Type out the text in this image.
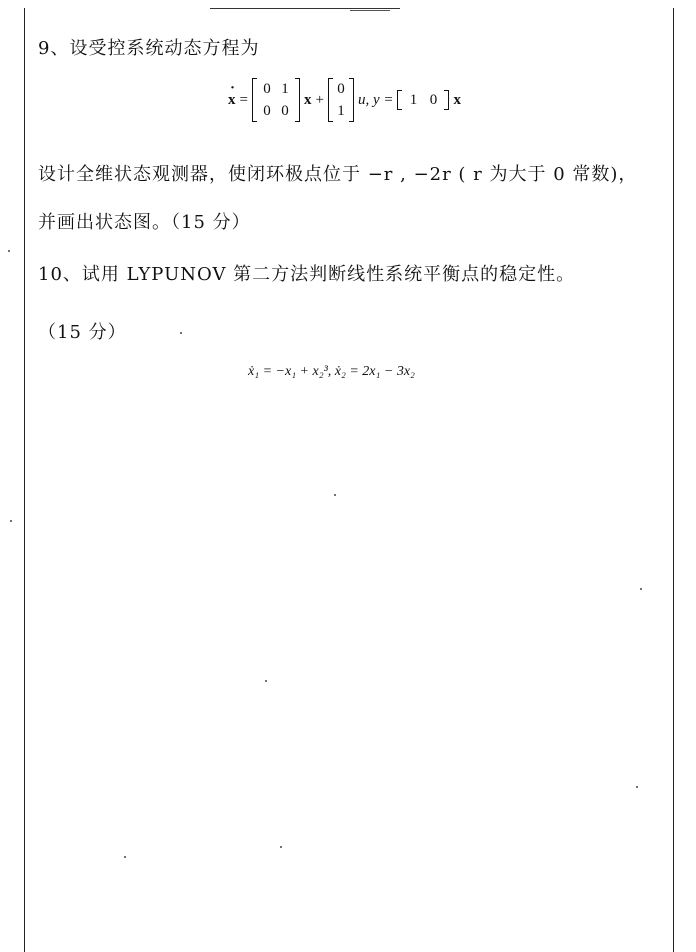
9、设受控系统动态方程为
· x =
0 1
0 0
x +
0
1
u, y = 1 0 x
设计全维状态观测器，使闭环极点位于 −r , −2r ( r 为大于 0 常数)，
并画出状态图。（15 分）
10、试用 LYPUNOV 第二方法判断线性系统平衡点的稳定性。
（15 分）
ẋ₁ = −x₁ + x₂³, ẋ₂ = 2x₁ − 3x₂
